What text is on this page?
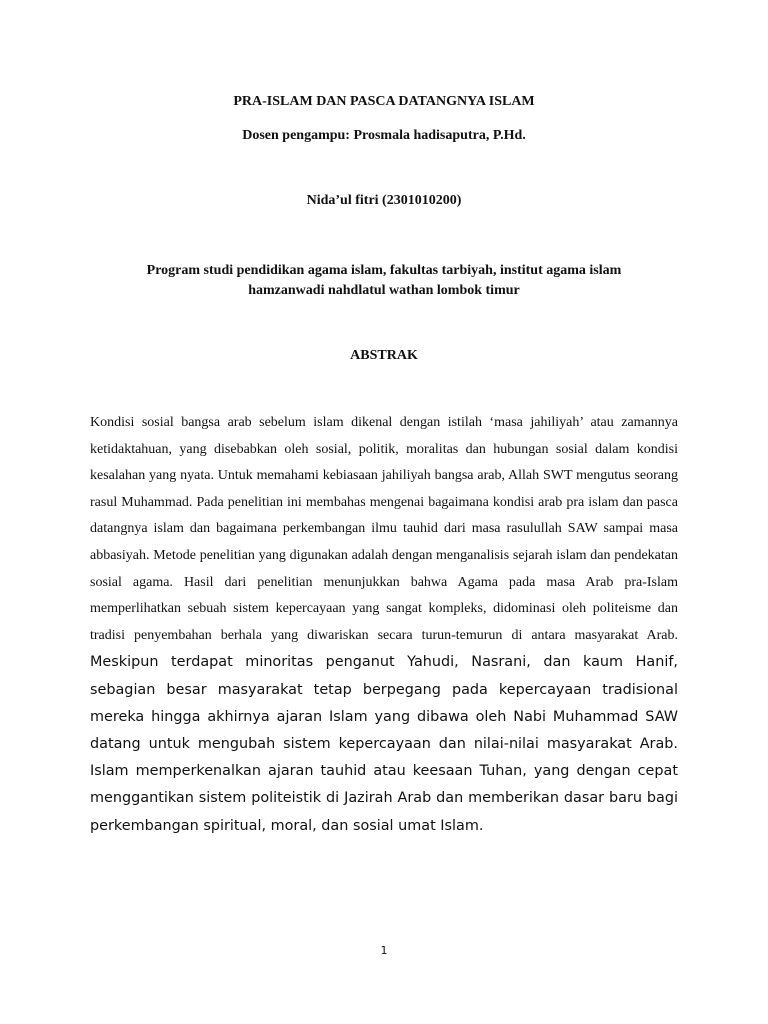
PRA-ISLAM DAN PASCA DATANGNYA ISLAM
Dosen pengampu: Prosmala hadisaputra, P.Hd.
Nida’ul fitri (2301010200)
Program studi pendidikan agama islam, fakultas tarbiyah, institut agama islam
hamzanwadi nahdlatul wathan lombok timur
ABSTRAK

Kondisi sosial bangsa arab sebelum islam dikenal dengan istilah ‘masa jahiliyah’ atau zamannya ketidaktahuan, yang disebabkan oleh sosial, politik, moralitas dan hubungan sosial dalam kondisi kesalahan yang nyata. Untuk memahami kebiasaan jahiliyah bangsa arab, Allah SWT mengutus seorang rasul Muhammad. Pada penelitian ini membahas mengenai bagaimana kondisi arab pra islam dan pasca datangnya islam dan bagaimana perkembangan ilmu tauhid dari masa rasulullah SAW sampai masa abbasiyah. Metode penelitian yang digunakan adalah dengan menganalisis sejarah islam dan pendekatan sosial agama. Hasil dari penelitian menunjukkan bahwa Agama pada masa Arab pra-Islam memperlihatkan sebuah sistem kepercayaan yang sangat kompleks, didominasi oleh politeisme dan tradisi penyembahan berhala yang diwariskan secara turun-temurun di antara masyarakat Arab. Meskipun terdapat minoritas penganut Yahudi, Nasrani, dan kaum Hanif, sebagian besar masyarakat tetap berpegang pada kepercayaan tradisional mereka hingga akhirnya ajaran Islam yang dibawa oleh Nabi Muhammad SAW datang untuk mengubah sistem kepercayaan dan nilai-nilai masyarakat Arab. Islam memperkenalkan ajaran tauhid atau keesaan Tuhan, yang dengan cepat menggantikan sistem politeistik di Jazirah Arab dan memberikan dasar baru bagi perkembangan spiritual, moral, dan sosial umat Islam.

1
